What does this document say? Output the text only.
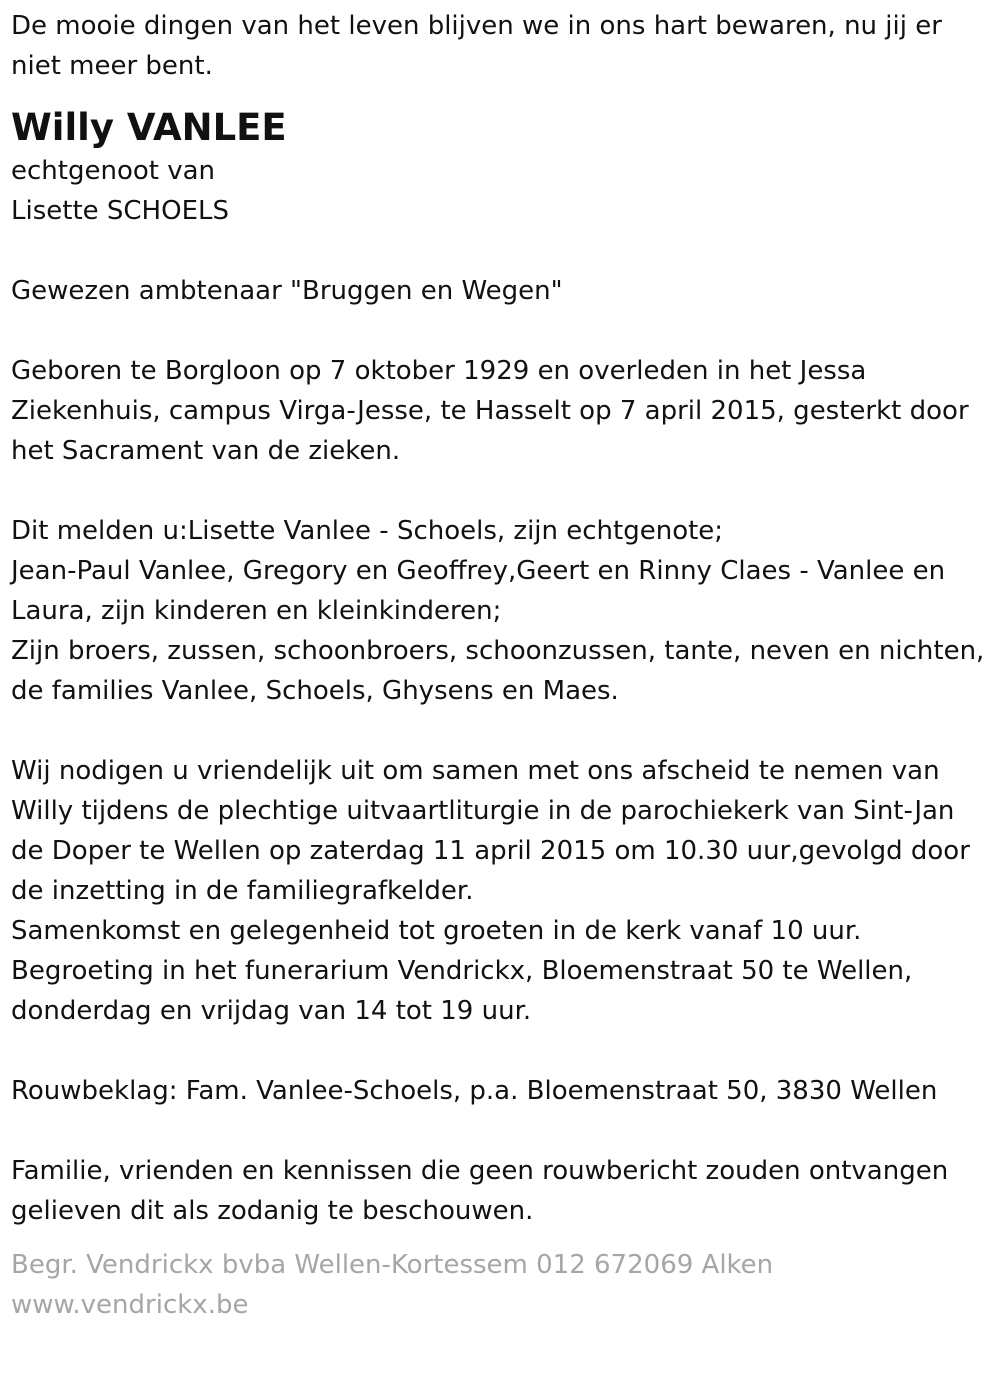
De mooie dingen van het leven blijven we in ons hart bewaren, nu jij er

niet meer bent.

Willy VANLEE

echtgenoot van

Lisette SCHOELS

Gewezen ambtenaar "Bruggen en Wegen"

Geboren te Borgloon op 7 oktober 1929 en overleden in het Jessa

Ziekenhuis, campus Virga-Jesse, te Hasselt op 7 april 2015, gesterkt door

het Sacrament van de zieken.

Dit melden u:Lisette Vanlee - Schoels, zijn echtgenote;

Jean-Paul Vanlee, Gregory en Geoffrey,Geert en Rinny Claes - Vanlee en

Laura, zijn kinderen en kleinkinderen;

Zijn broers, zussen, schoonbroers, schoonzussen, tante, neven en nichten,

de families Vanlee, Schoels, Ghysens en Maes.

Wij nodigen u vriendelijk uit om samen met ons afscheid te nemen van

Willy tijdens de plechtige uitvaartliturgie in de parochiekerk van Sint-Jan

de Doper te Wellen op zaterdag 11 april 2015 om 10.30 uur,gevolgd door

de inzetting in de familiegrafkelder.

Samenkomst en gelegenheid tot groeten in de kerk vanaf 10 uur.

Begroeting in het funerarium Vendrickx, Bloemenstraat 50 te Wellen,

donderdag en vrijdag van 14 tot 19 uur.

Rouwbeklag: Fam. Vanlee-Schoels, p.a. Bloemenstraat 50, 3830 Wellen

Familie, vrienden en kennissen die geen rouwbericht zouden ontvangen

gelieven dit als zodanig te beschouwen.

Begr. Vendrickx bvba Wellen-Kortessem 012 672069 Alken

www.vendrickx.be
